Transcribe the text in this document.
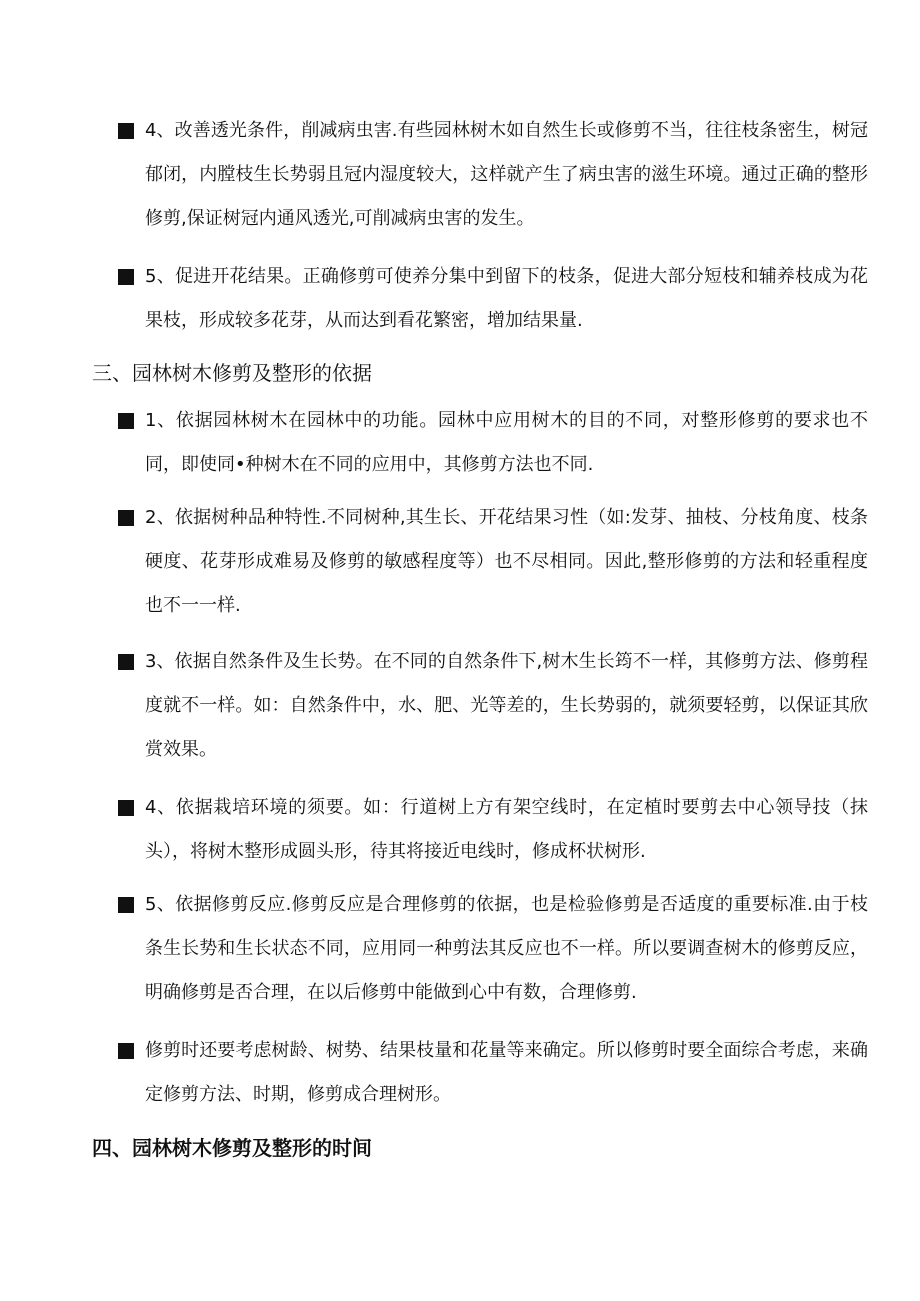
4、改善透光条件，削减病虫害.有些园林树木如自然生长或修剪不当，往往枝条密生，树冠郁闭，内膛枝生长势弱且冠内湿度较大，这样就产生了病虫害的滋生环境。通过正确的整形修剪,保证树冠内通风透光,可削减病虫害的发生。
5、促进开花结果。正确修剪可使养分集中到留下的枝条，促进大部分短枝和辅养枝成为花果枝，形成较多花芽，从而达到看花繁密，增加结果量.
三、园林树木修剪及整形的依据
1、依据园林树木在园林中的功能。园林中应用树木的目的不同，对整形修剪的要求也不同，即使同•种树木在不同的应用中，其修剪方法也不同.
2、依据树种品种特性.不同树种,其生长、开花结果习性（如:发芽、抽枝、分枝角度、枝条硬度、花芽形成难易及修剪的敏感程度等）也不尽相同。因此,整形修剪的方法和轻重程度也不一一样.
3、依据自然条件及生长势。在不同的自然条件下,树木生长筠不一样，其修剪方法、修剪程度就不一样。如：自然条件中，水、肥、光等差的，生长势弱的，就须要轻剪，以保证其欣赏效果。
4、依据栽培环境的须要。如：行道树上方有架空线时，在定植时要剪去中心领导技（抹头），将树木整形成圆头形，待其将接近电线时，修成杯状树形.
5、依据修剪反应.修剪反应是合理修剪的依据，也是检验修剪是否适度的重要标准.由于枝条生长势和生长状态不同，应用同一种剪法其反应也不一样。所以要调查树木的修剪反应，明确修剪是否合理，在以后修剪中能做到心中有数，合理修剪.
修剪时还要考虑树龄、树势、结果枝量和花量等来确定。所以修剪时要全面综合考虑，来确定修剪方法、时期，修剪成合理树形。
四、园林树木修剪及整形的时间
